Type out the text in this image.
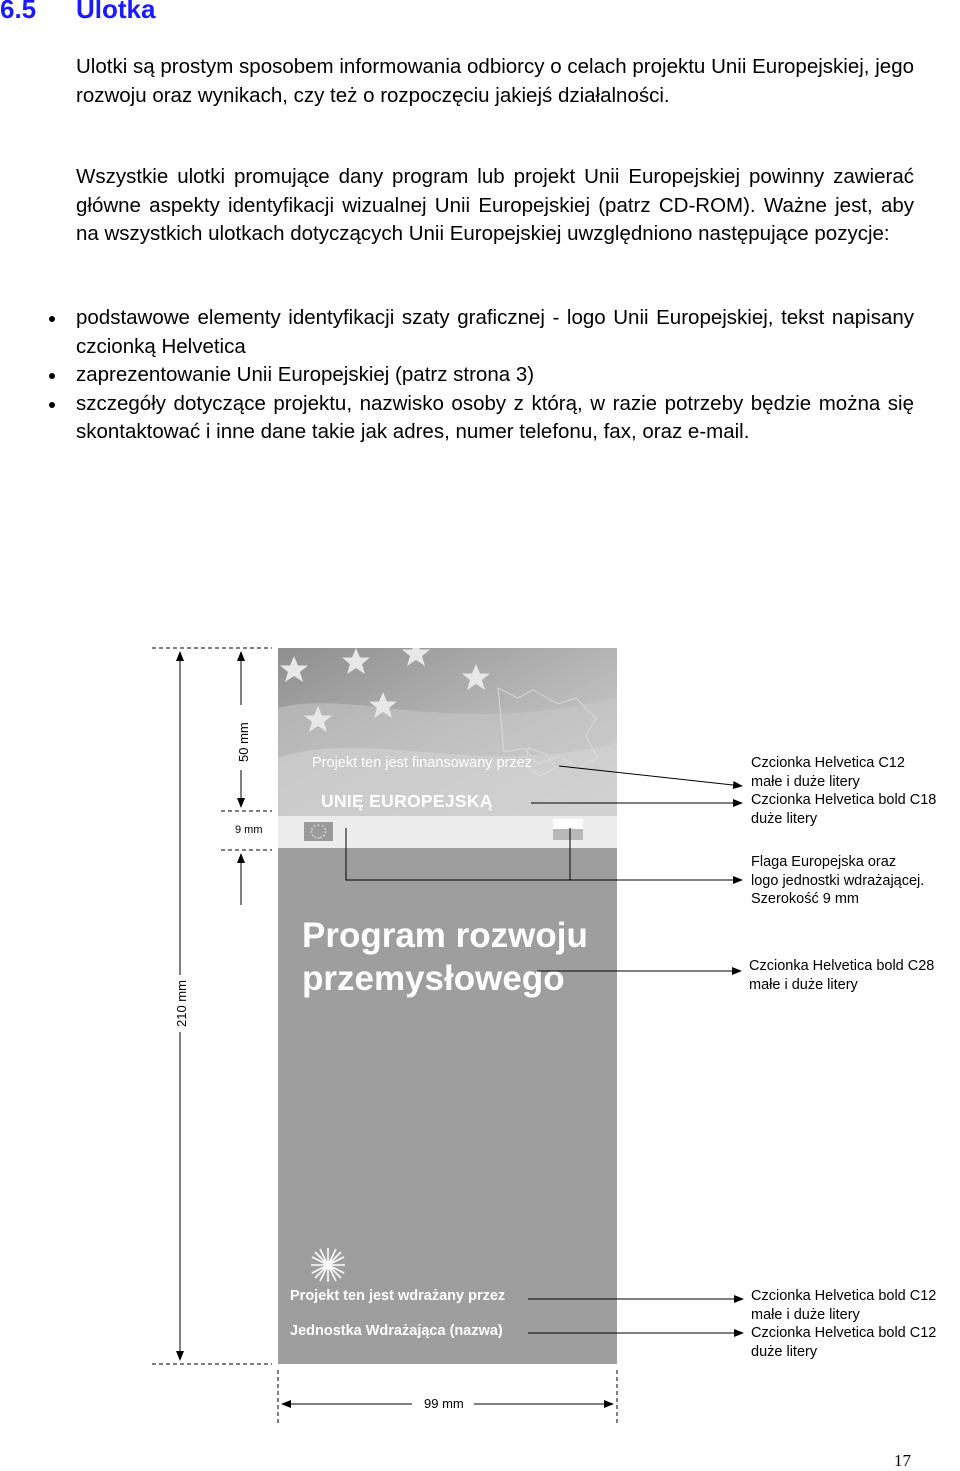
6.5 Ulotka

Ulotki są prostym sposobem informowania odbiorcy o celach projektu Unii Europejskiej, jego rozwoju oraz wynikach, czy też o rozpoczęciu jakiejś działalności.

Wszystkie ulotki promujące dany program lub projekt Unii Europejskiej powinny zawierać główne aspekty identyfikacji wizualnej Unii Europejskiej (patrz CD-ROM). Ważne jest, aby na wszystkich ulotkach dotyczących Unii Europejskiej uwzględniono następujące pozycje:

podstawowe elementy identyfikacji szaty graficznej - logo Unii Europejskiej, tekst napisany czcionką Helvetica
zaprezentowanie Unii Europejskiej (patrz strona 3)
szczegóły dotyczące projektu, nazwisko osoby z którą, w razie potrzeby będzie można się skontaktować i inne dane takie jak adres, numer telefonu, fax, oraz e-mail.
Projekt ten jest finansowany przez
UNIĘ EUROPEJSKĄ
Program rozwoju przemysłowego
Projekt ten jest wdrażany przez
Jednostka Wdrażająca (nazwa)
50 mm
9 mm
210 mm
99 mm
Czcionka Helvetica C12
małe i duże litery
Czcionka Helvetica bold C18
duże litery
Flaga Europejska oraz
logo jednostki wdrażającej.
Szerokość 9 mm
Czcionka Helvetica bold C28
małe i duże litery
Czcionka Helvetica bold C12
małe i duże litery
Czcionka Helvetica bold C12
duże litery
17
